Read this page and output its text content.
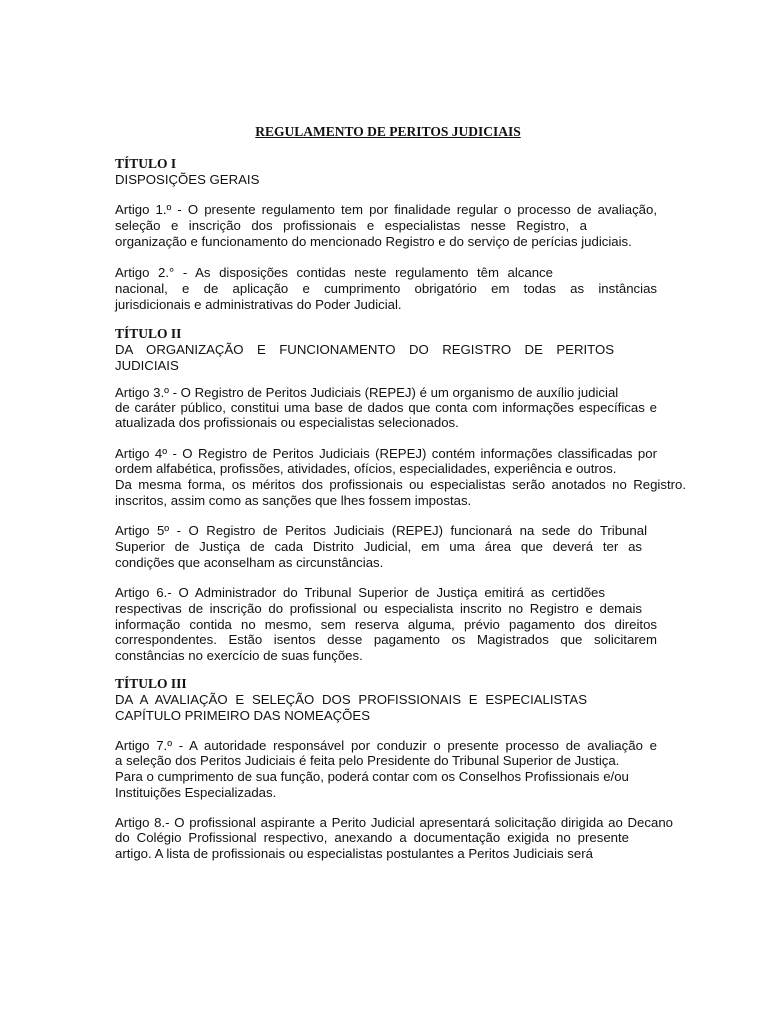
REGULAMENTO DE PERITOS JUDICIAIS

TÍTULO I

DISPOSIÇÕES GERAIS

Artigo 1.º - O presente regulamento tem por finalidade regular o processo de avaliação,

seleção e inscrição dos profissionais e especialistas nesse Registro, a

organização e funcionamento do mencionado Registro e do serviço de perícias judiciais.

Artigo 2.° - As disposições contidas neste regulamento têm alcance

nacional, e de aplicação e cumprimento obrigatório em todas as instâncias

jurisdicionais e administrativas do Poder Judicial.

TÍTULO II

DA ORGANIZAÇÃO E FUNCIONAMENTO DO REGISTRO DE PERITOS

JUDICIAIS

Artigo 3.º - O Registro de Peritos Judiciais (REPEJ) é um organismo de auxílio judicial

de caráter público, constitui uma base de dados que conta com informações específicas e

atualizada dos profissionais ou especialistas selecionados.

Artigo 4º - O Registro de Peritos Judiciais (REPEJ) contém informações classificadas por

ordem alfabética, profissões, atividades, ofícios, especialidades, experiência e outros.

Da mesma forma, os méritos dos profissionais ou especialistas serão anotados no Registro.

inscritos, assim como as sanções que lhes fossem impostas.

Artigo 5º - O Registro de Peritos Judiciais (REPEJ) funcionará na sede do Tribunal

Superior de Justiça de cada Distrito Judicial, em uma área que deverá ter as

condições que aconselham as circunstâncias.

Artigo 6.- O Administrador do Tribunal Superior de Justiça emitirá as certidões

respectivas de inscrição do profissional ou especialista inscrito no Registro e demais

informação contida no mesmo, sem reserva alguma, prévio pagamento dos direitos

correspondentes. Estão isentos desse pagamento os Magistrados que solicitarem

constâncias no exercício de suas funções.

TÍTULO III

DA A AVALIAÇÃO E SELEÇÃO DOS PROFISSIONAIS E ESPECIALISTAS

CAPÍTULO PRIMEIRO DAS NOMEAÇÕES

Artigo 7.º - A autoridade responsável por conduzir o presente processo de avaliação e

a seleção dos Peritos Judiciais é feita pelo Presidente do Tribunal Superior de Justiça.

Para o cumprimento de sua função, poderá contar com os Conselhos Profissionais e/ou

Instituições Especializadas.

Artigo 8.- O profissional aspirante a Perito Judicial apresentará solicitação dirigida ao Decano

do Colégio Profissional respectivo, anexando a documentação exigida no presente

artigo. A lista de profissionais ou especialistas postulantes a Peritos Judiciais será
